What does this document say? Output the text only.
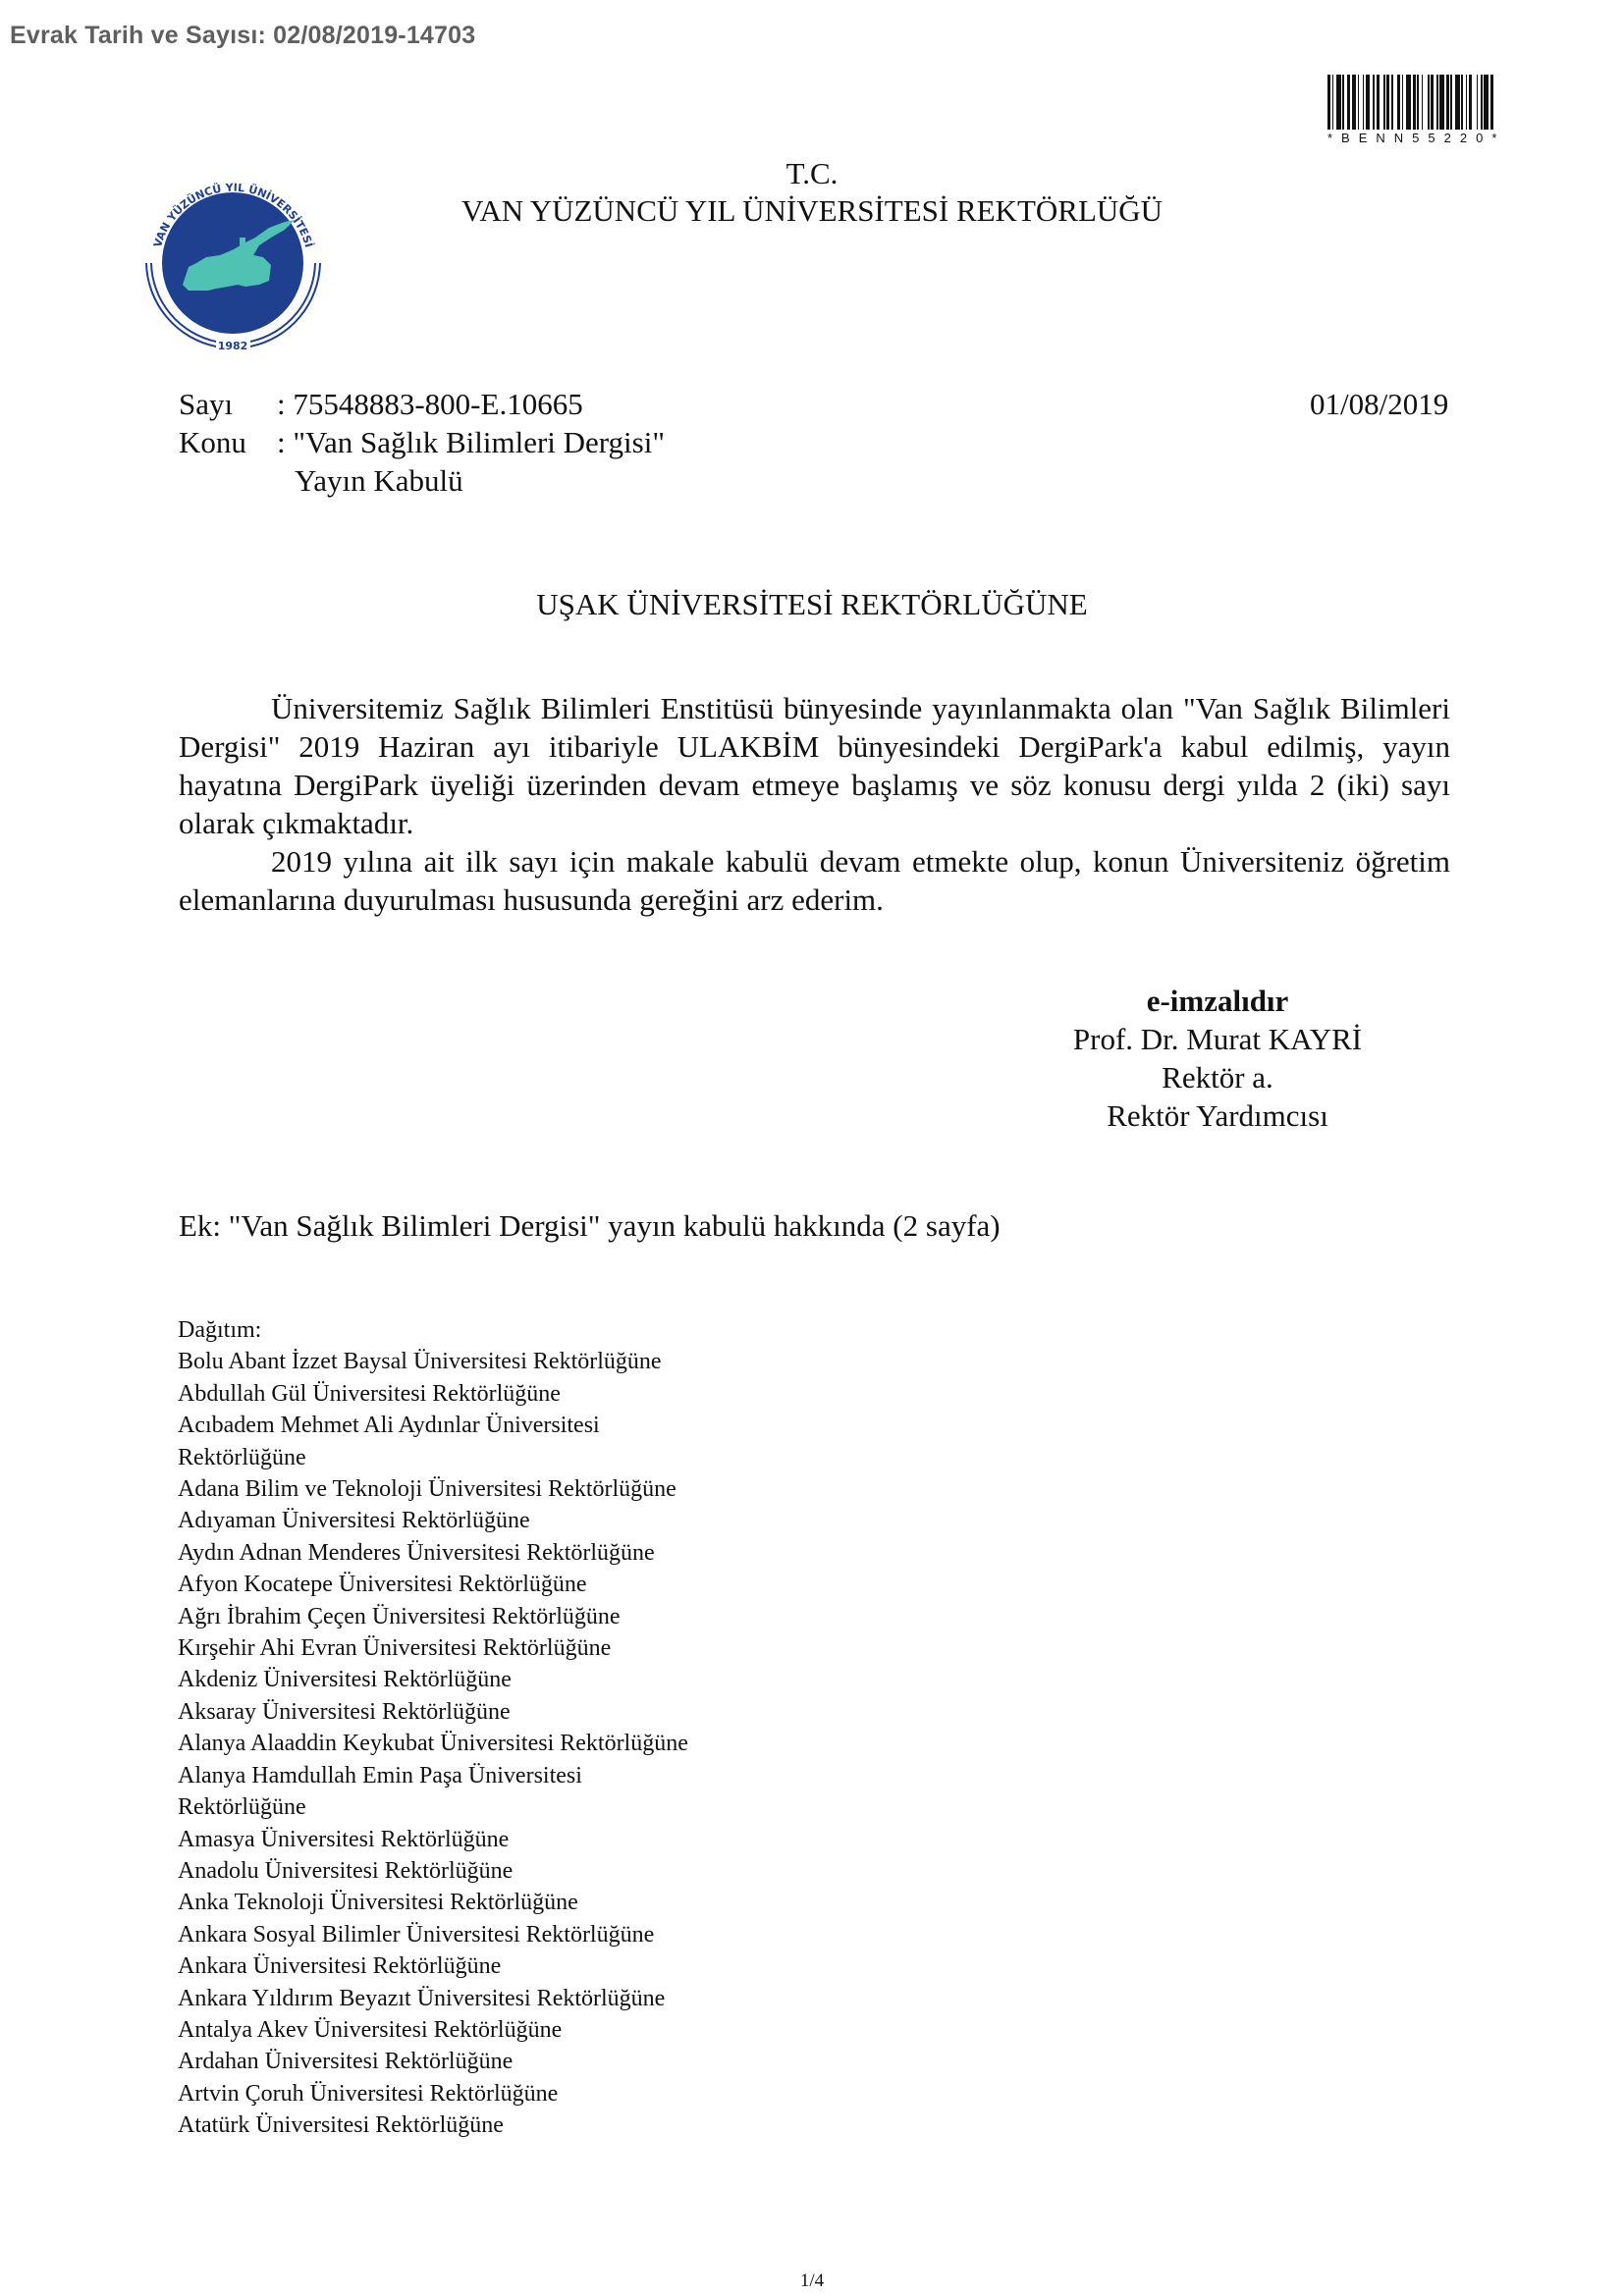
Evrak Tarih ve Sayısı: 02/08/2019-14703
*BENN55220*
VAN YÜZÜNCÜ YIL ÜNİVERSİTESİ
1982
T.C.
VAN YÜZÜNCÜ YIL ÜNİVERSİTESİ REKTÖRLÜĞÜ
Sayı : 75548883-800-E.10665
Konu : "Van Sağlık Bilimleri Dergisi"
Yayın Kabulü
01/08/2019
UŞAK ÜNİVERSİTESİ REKTÖRLÜĞÜNE

Üniversitemiz Sağlık Bilimleri Enstitüsü bünyesinde yayınlanmakta olan "Van Sağlık Bilimleri Dergisi" 2019 Haziran ayı itibariyle ULAKBİM bünyesindeki DergiPark'a kabul edilmiş, yayın hayatına DergiPark üyeliği üzerinden devam etmeye başlamış ve söz konusu dergi yılda 2 (iki) sayı olarak çıkmaktadır.

2019 yılına ait ilk sayı için makale kabulü devam etmekte olup, konun Üniversiteniz öğretim elemanlarına duyurulması hususunda gereğini arz ederim.

e-imzalıdır
Prof. Dr. Murat KAYRİ
Rektör a.
Rektör Yardımcısı
Ek: "Van Sağlık Bilimleri Dergisi" yayın kabulü hakkında (2 sayfa)
Dağıtım:
Bolu Abant İzzet Baysal Üniversitesi Rektörlüğüne
Abdullah Gül Üniversitesi Rektörlüğüne
Acıbadem Mehmet Ali Aydınlar Üniversitesi
Rektörlüğüne
Adana Bilim ve Teknoloji Üniversitesi Rektörlüğüne
Adıyaman Üniversitesi Rektörlüğüne
Aydın Adnan Menderes Üniversitesi Rektörlüğüne
Afyon Kocatepe Üniversitesi Rektörlüğüne
Ağrı İbrahim Çeçen Üniversitesi Rektörlüğüne
Kırşehir Ahi Evran Üniversitesi Rektörlüğüne
Akdeniz Üniversitesi Rektörlüğüne
Aksaray Üniversitesi Rektörlüğüne
Alanya Alaaddin Keykubat Üniversitesi Rektörlüğüne
Alanya Hamdullah Emin Paşa Üniversitesi
Rektörlüğüne
Amasya Üniversitesi Rektörlüğüne
Anadolu Üniversitesi Rektörlüğüne
Anka Teknoloji Üniversitesi Rektörlüğüne
Ankara Sosyal Bilimler Üniversitesi Rektörlüğüne
Ankara Üniversitesi Rektörlüğüne
Ankara Yıldırım Beyazıt Üniversitesi Rektörlüğüne
Antalya Akev Üniversitesi Rektörlüğüne
Ardahan Üniversitesi Rektörlüğüne
Artvin Çoruh Üniversitesi Rektörlüğüne
Atatürk Üniversitesi Rektörlüğüne
1/4
